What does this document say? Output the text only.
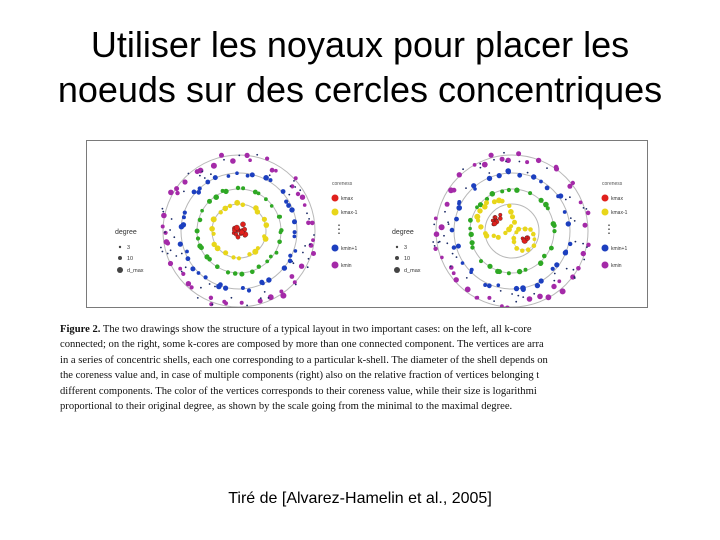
Utiliser les noyaux pour placer les
noeuds sur des cercles concentriques
coreness
kmax
kmax-1
⋮
kmin+1
kmin
degree
3
10
d_max
coreness
kmax
kmax-1
⋮
kmin+1
kmin
degree
3
10
d_max
Figure 2. The two drawings show the structure of a typical layout in two important cases: on the left, all k-core
connected; on the right, some k-cores are composed by more than one connected component. The vertices are arra
in a series of concentric shells, each one corresponding to a particular k-shell. The diameter of the shell depends on
the coreness value and, in case of multiple components (right) also on the relative fraction of vertices belonging t
different components. The color of the vertices corresponds to their coreness value, while their size is logarithmi
proportional to their original degree, as shown by the scale going from the minimal to the maximal degree.
Tiré de [Alvarez-Hamelin et al., 2005]
